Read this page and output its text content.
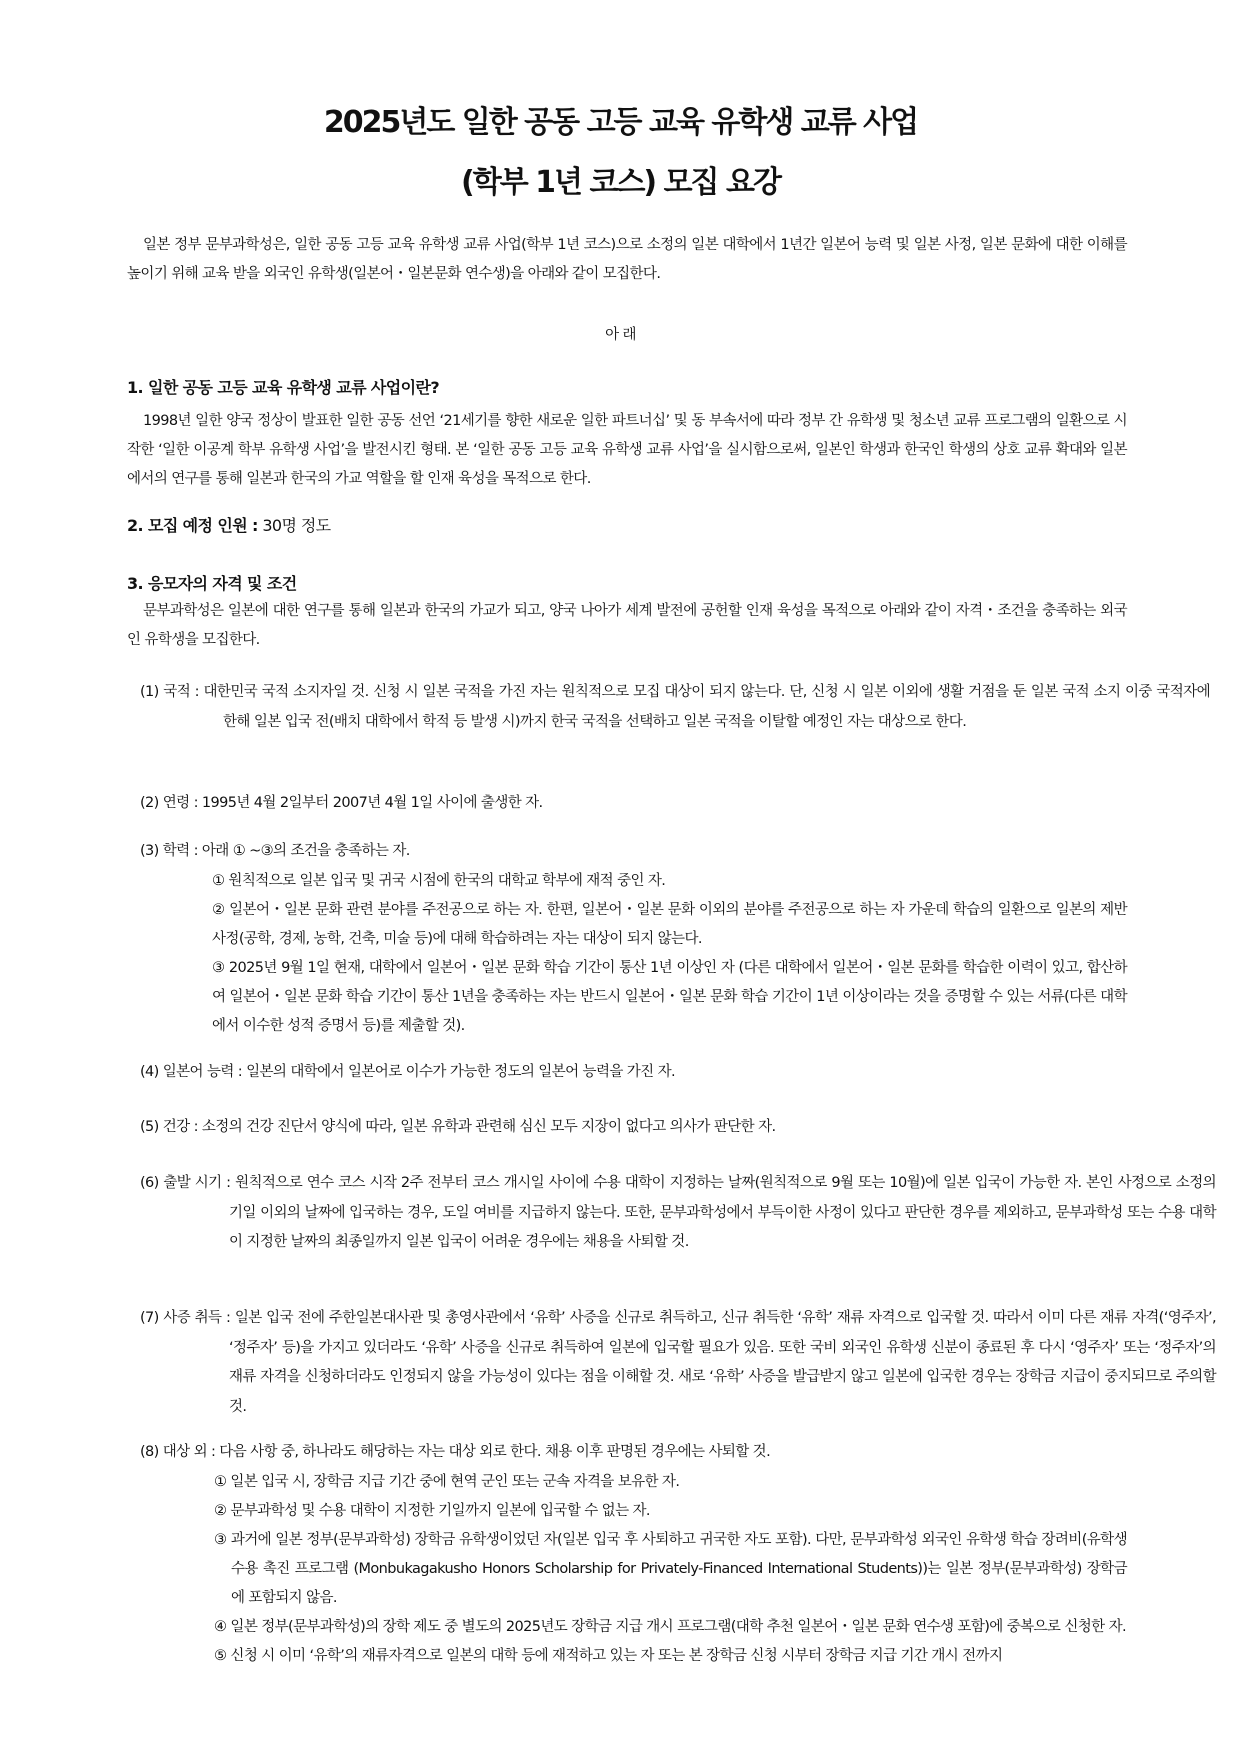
2025년도 일한 공동 고등 교육 유학생 교류 사업
(학부 1년 코스) 모집 요강
일본 정부 문부과학성은, 일한 공동 고등 교육 유학생 교류 사업(학부 1년 코스)으로 소정의 일본 대학에서 1년간 일본어 능력 및 일본 사정, 일본 문화에 대한 이해를 높이기 위해 교육 받을 외국인 유학생(일본어・일본문화 연수생)을 아래와 같이 모집한다.
아 래
1. 일한 공동 고등 교육 유학생 교류 사업이란?
1998년 일한 양국 정상이 발표한 일한 공동 선언 ‘21세기를 향한 새로운 일한 파트너십’ 및 동 부속서에 따라 정부 간 유학생 및 청소년 교류 프로그램의 일환으로 시작한 ‘일한 이공계 학부 유학생 사업’을 발전시킨 형태. 본 ‘일한 공동 고등 교육 유학생 교류 사업’을 실시함으로써, 일본인 학생과 한국인 학생의 상호 교류 확대와 일본에서의 연구를 통해 일본과 한국의 가교 역할을 할 인재 육성을 목적으로 한다.
2. 모집 예정 인원 : 30명 정도
3. 응모자의 자격 및 조건
문부과학성은 일본에 대한 연구를 통해 일본과 한국의 가교가 되고, 양국 나아가 세계 발전에 공헌할 인재 육성을 목적으로 아래와 같이 자격・조건을 충족하는 외국인 유학생을 모집한다.
(1) 국적 : 대한민국 국적 소지자일 것. 신청 시 일본 국적을 가진 자는 원칙적으로 모집 대상이 되지 않는다. 단, 신청 시 일본 이외에 생활 거점을 둔 일본 국적 소지 이중 국적자에 한해 일본 입국 전(배치 대학에서 학적 등 발생 시)까지 한국 국적을 선택하고 일본 국적을 이탈할 예정인 자는 대상으로 한다.
(2) 연령 : 1995년 4월 2일부터 2007년 4월 1일 사이에 출생한 자.
(3) 학력 : 아래 ① ~③의 조건을 충족하는 자.
① 원칙적으로 일본 입국 및 귀국 시점에 한국의 대학교 학부에 재적 중인 자.
② 일본어・일본 문화 관련 분야를 주전공으로 하는 자. 한편, 일본어・일본 문화 이외의 분야를 주전공으로 하는 자 가운데 학습의 일환으로 일본의 제반 사정(공학, 경제, 농학, 건축, 미술 등)에 대해 학습하려는 자는 대상이 되지 않는다.
③ 2025년 9월 1일 현재, 대학에서 일본어・일본 문화 학습 기간이 통산 1년 이상인 자 (다른 대학에서 일본어・일본 문화를 학습한 이력이 있고, 합산하여 일본어・일본 문화 학습 기간이 통산 1년을 충족하는 자는 반드시 일본어・일본 문화 학습 기간이 1년 이상이라는 것을 증명할 수 있는 서류(다른 대학에서 이수한 성적 증명서 등)를 제출할 것).
(4) 일본어 능력 : 일본의 대학에서 일본어로 이수가 가능한 정도의 일본어 능력을 가진 자.
(5) 건강 : 소정의 건강 진단서 양식에 따라, 일본 유학과 관련해 심신 모두 지장이 없다고 의사가 판단한 자.
(6) 출발 시기 : 원칙적으로 연수 코스 시작 2주 전부터 코스 개시일 사이에 수용 대학이 지정하는 날짜(원칙적으로 9월 또는 10월)에 일본 입국이 가능한 자. 본인 사정으로 소정의 기일 이외의 날짜에 입국하는 경우, 도일 여비를 지급하지 않는다. 또한, 문부과학성에서 부득이한 사정이 있다고 판단한 경우를 제외하고, 문부과학성 또는 수용 대학이 지정한 날짜의 최종일까지 일본 입국이 어려운 경우에는 채용을 사퇴할 것.
(7) 사증 취득 : 일본 입국 전에 주한일본대사관 및 총영사관에서 ‘유학’ 사증을 신규로 취득하고, 신규 취득한 ‘유학’ 재류 자격으로 입국할 것. 따라서 이미 다른 재류 자격(‘영주자’, ‘정주자’ 등)을 가지고 있더라도 ‘유학’ 사증을 신규로 취득하여 일본에 입국할 필요가 있음. 또한 국비 외국인 유학생 신분이 종료된 후 다시 ‘영주자’ 또는 ‘정주자’의 재류 자격을 신청하더라도 인정되지 않을 가능성이 있다는 점을 이해할 것. 새로 ‘유학’ 사증을 발급받지 않고 일본에 입국한 경우는 장학금 지급이 중지되므로 주의할 것.
(8) 대상 외 : 다음 사항 중, 하나라도 해당하는 자는 대상 외로 한다. 채용 이후 판명된 경우에는 사퇴할 것.
① 일본 입국 시, 장학금 지급 기간 중에 현역 군인 또는 군속 자격을 보유한 자.
② 문부과학성 및 수용 대학이 지정한 기일까지 일본에 입국할 수 없는 자.
③ 과거에 일본 정부(문부과학성) 장학금 유학생이었던 자(일본 입국 후 사퇴하고 귀국한 자도 포함). 다만, 문부과학성 외국인 유학생 학습 장려비(유학생 수용 촉진 프로그램 (Monbukagakusho Honors Scholarship for Privately-Financed International Students))는 일본 정부(문부과학성) 장학금에 포함되지 않음.
④ 일본 정부(문부과학성)의 장학 제도 중 별도의 2025년도 장학금 지급 개시 프로그램(대학 추천 일본어・일본 문화 연수생 포함)에 중복으로 신청한 자.
⑤ 신청 시 이미 ‘유학’의 재류자격으로 일본의 대학 등에 재적하고 있는 자 또는 본 장학금 신청 시부터 장학금 지급 기간 개시 전까지
